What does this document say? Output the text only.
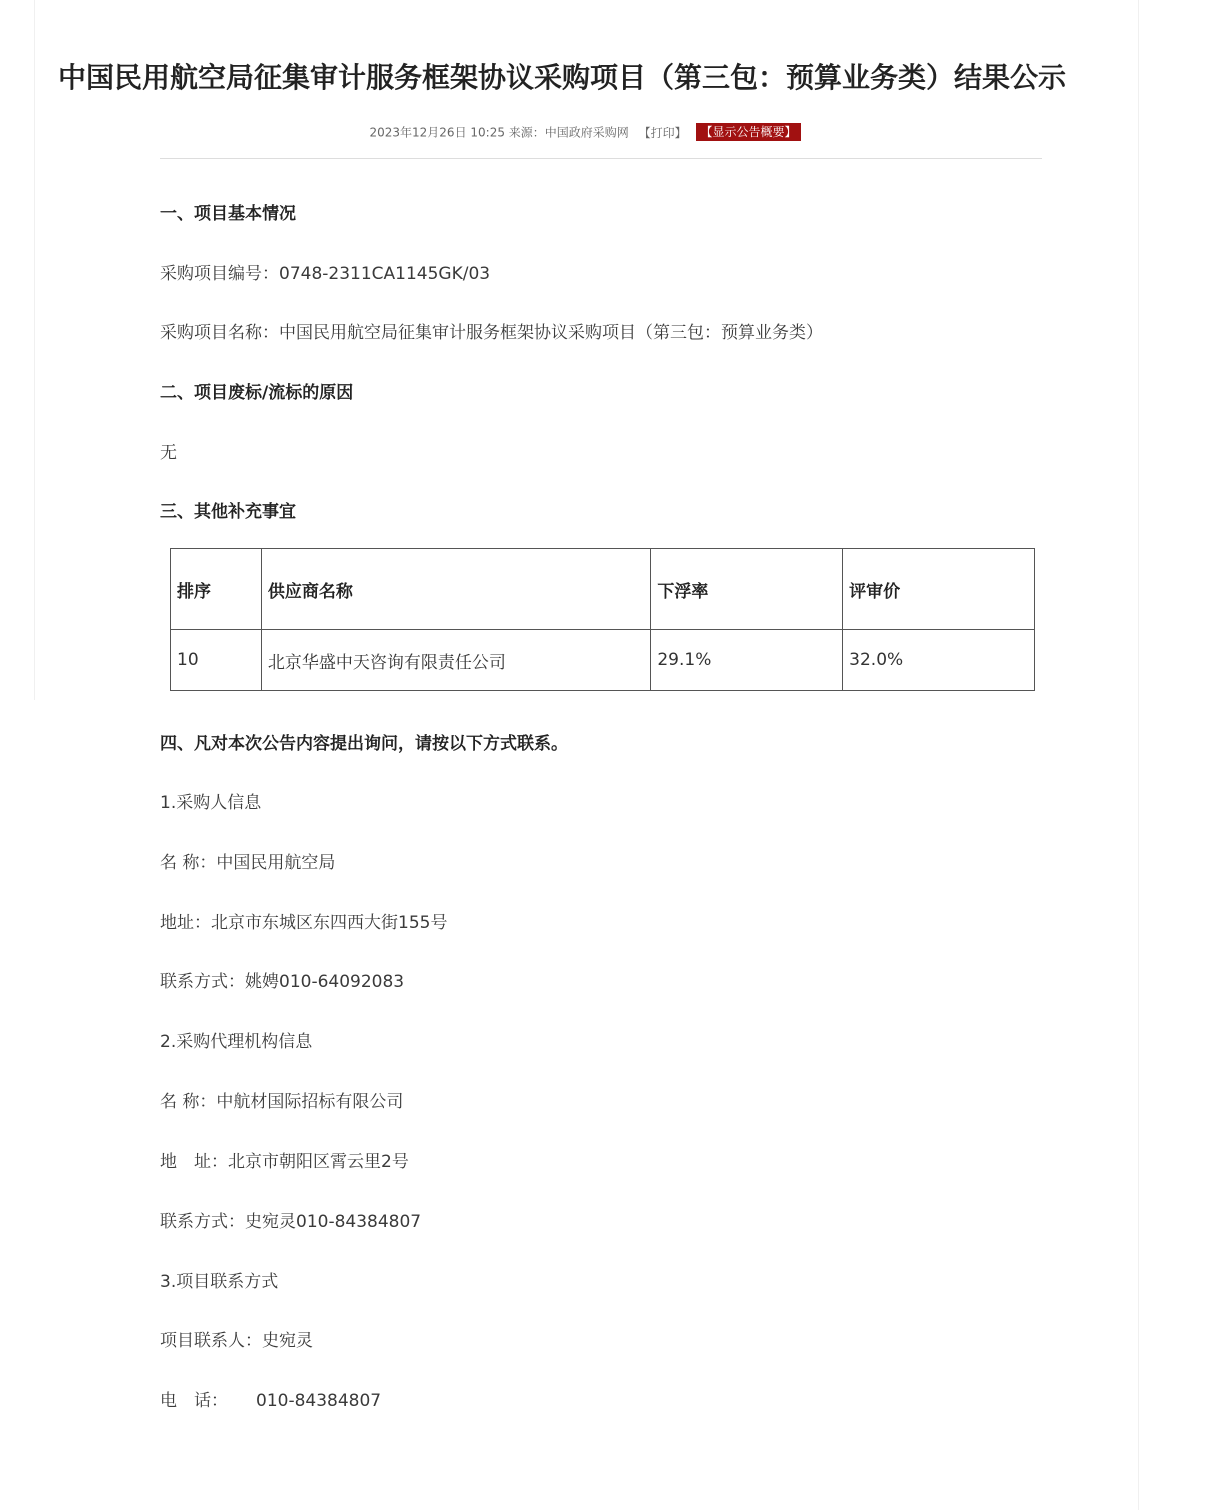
中国民用航空局征集审计服务框架协议采购项目（第三包：预算业务类）结果公示
2023年12月26日 10:25 来源：中国政府采购网 【打印】 【显示公告概要】
一、项目基本情况
采购项目编号：0748-2311CA1145GK/03
采购项目名称：中国民用航空局征集审计服务框架协议采购项目（第三包：预算业务类）
二、项目废标/流标的原因
无
三、其他补充事宜
排序	供应商名称	下浮率	评审价
10	北京华盛中天咨询有限责任公司	29.1%	32.0%
四、凡对本次公告内容提出询问，请按以下方式联系。
1.采购人信息
名 称：中国民用航空局
地址：北京市东城区东四西大街155号
联系方式：姚娉010-64092083
2.采购代理机构信息
名 称：中航材国际招标有限公司
地　址：北京市朝阳区霄云里2号
联系方式：史宛灵010-84384807
3.项目联系方式
项目联系人：史宛灵
电　话： 010-84384807
